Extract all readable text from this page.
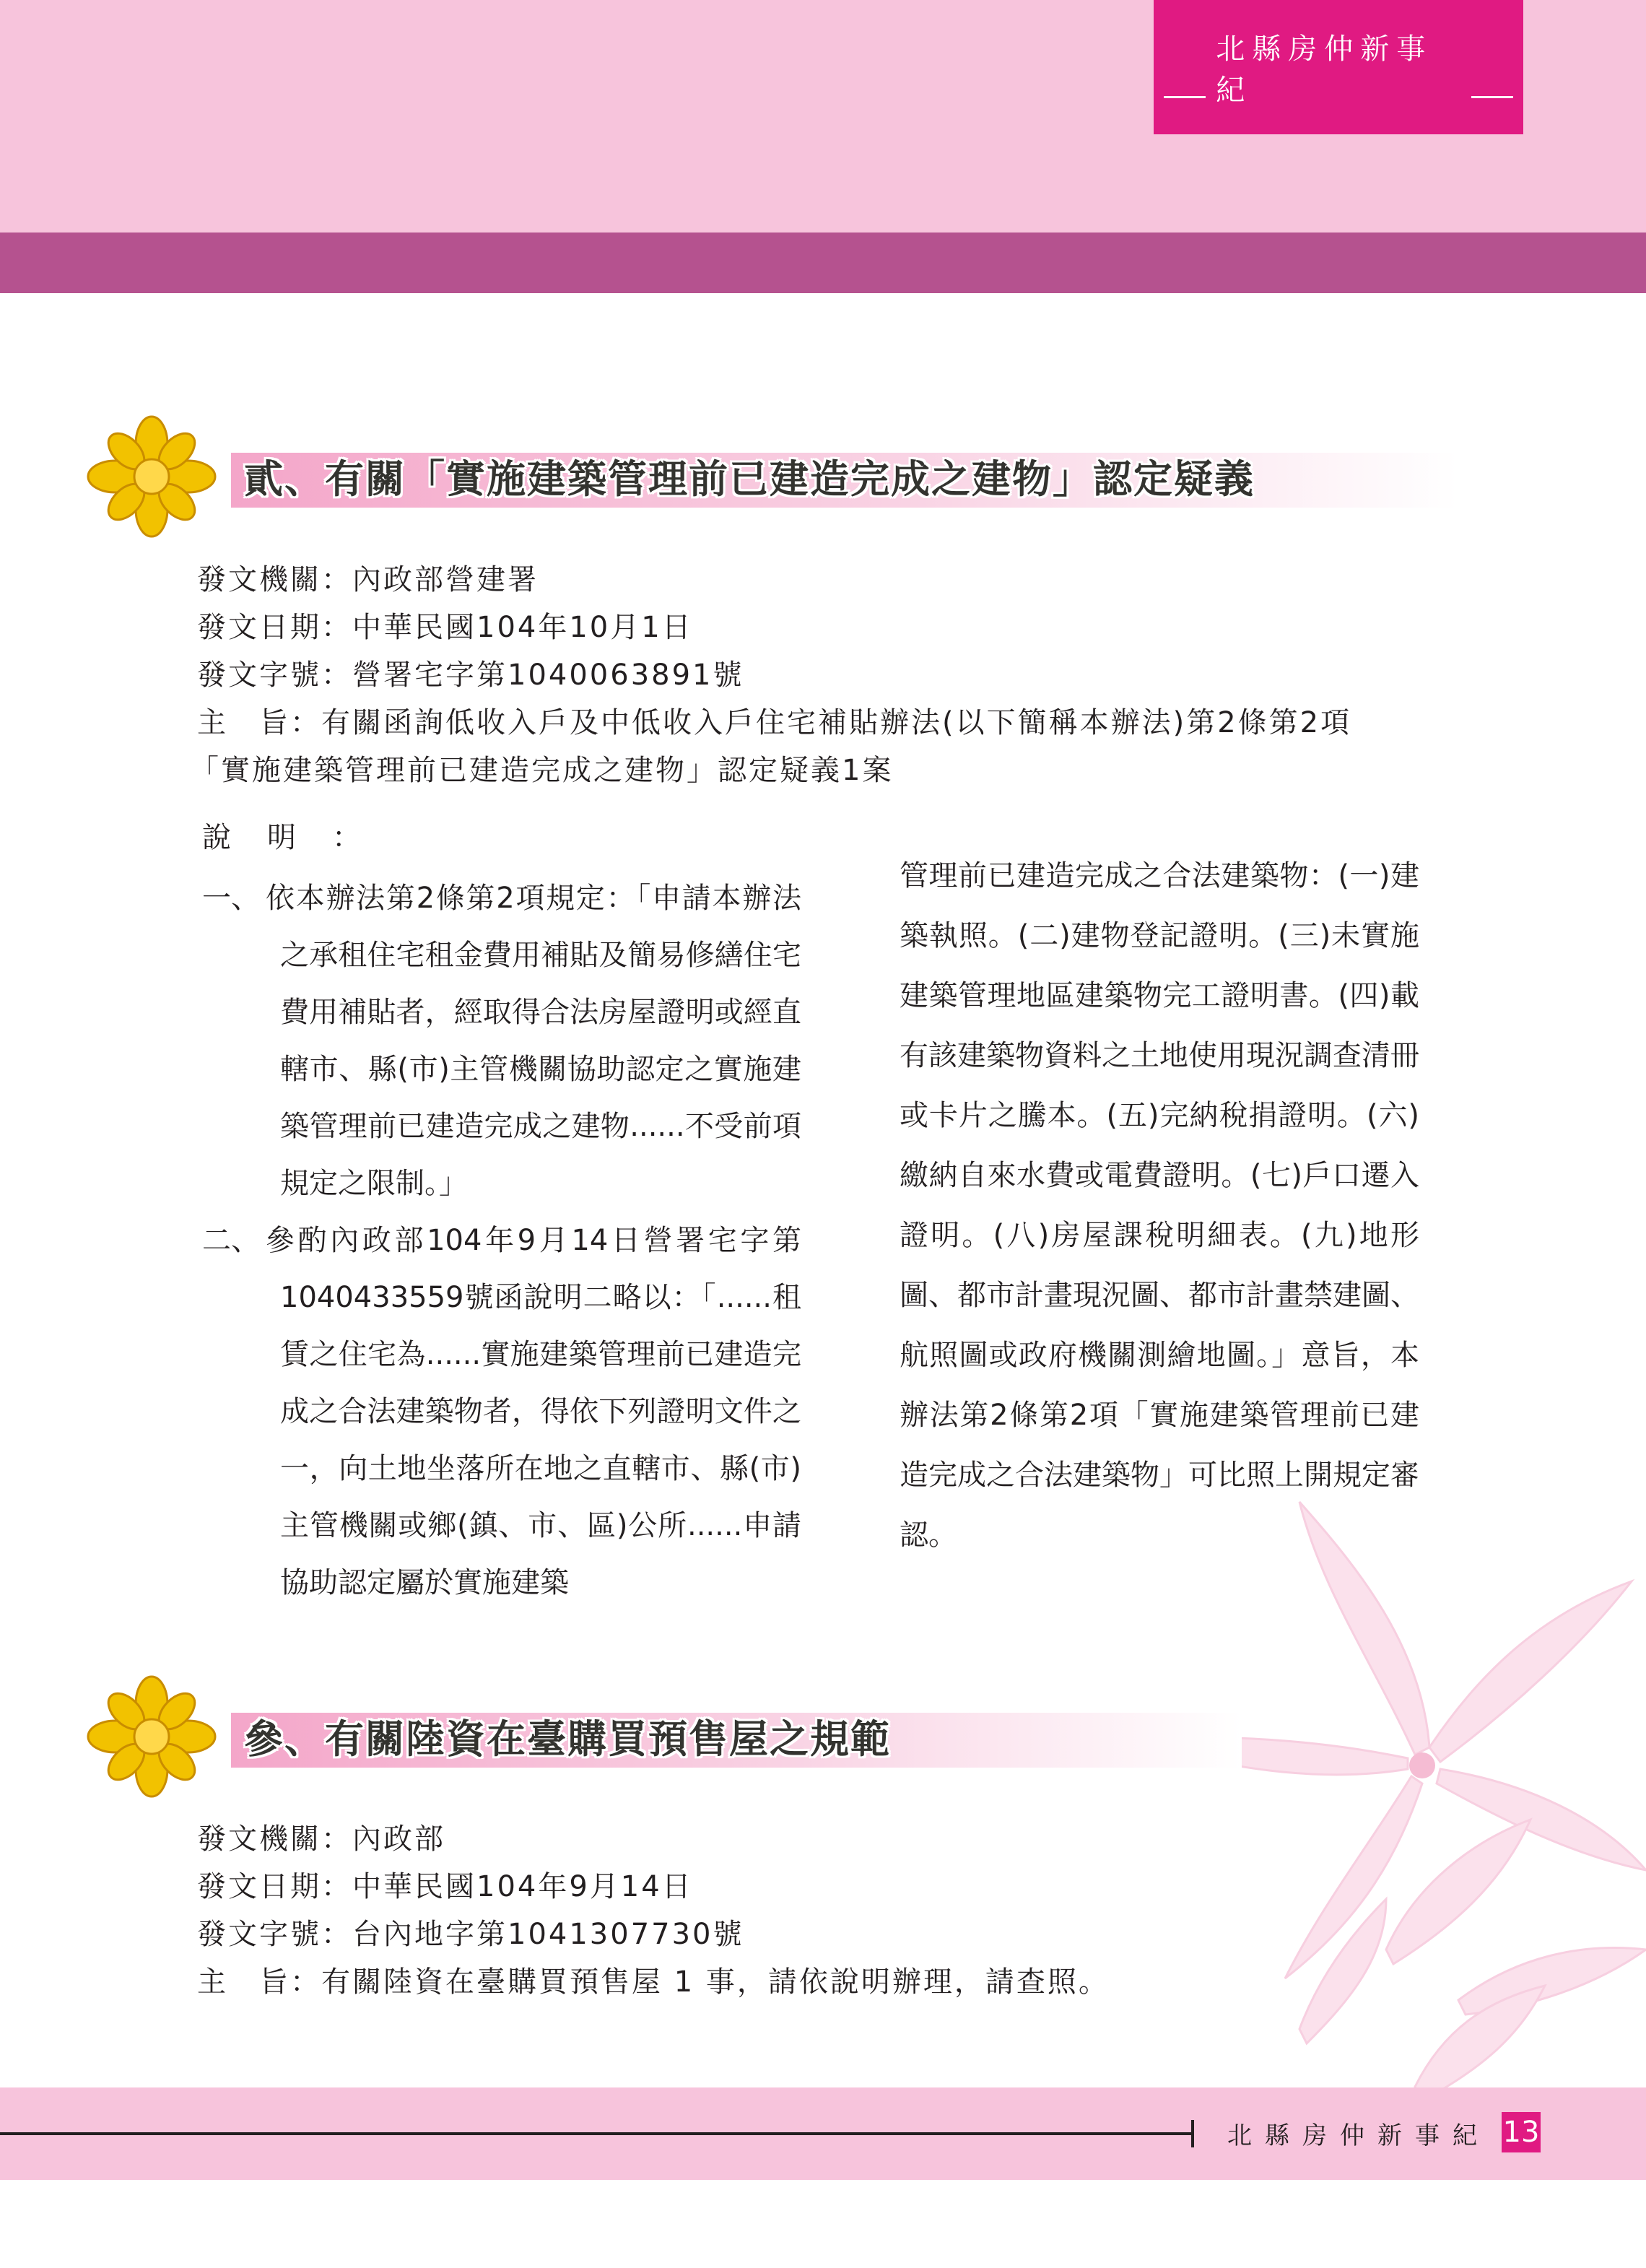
北縣房仲新事紀
貳、有關「實施建築管理前已建造完成之建物」認定疑義
發文機關：內政部營建署
發文日期：中華民國104年10月1日
發文字號：營署宅字第1040063891號
主　旨：有關函詢低收入戶及中低收入戶住宅補貼辦法(以下簡稱本辦法)第2條第2項
「實施建築管理前已建造完成之建物」認定疑義1案
說明：
一、 依本辦法第2條第2項規定：「申請本辦法之承租住宅租金費用補貼及簡易修繕住宅費用補貼者，經取得合法房屋證明或經直轄市、縣(市)主管機關協助認定之實施建築管理前已建造完成之建物......不受前項規定之限制。」

二、 參酌內政部104年9月14日營署宅字第1040433559號函說明二略以：「......租賃之住宅為......實施建築管理前已建造完成之合法建築物者，得依下列證明文件之一，向土地坐落所在地之直轄市、縣(市)主管機關或鄉(鎮、市、區)公所......申請協助認定屬於實施建築

管理前已建造完成之合法建築物：(一)建築執照。(二)建物登記證明。(三)未實施建築管理地區建築物完工證明書。(四)載有該建築物資料之土地使用現況調查清冊或卡片之騰本。(五)完納稅捐證明。(六)繳納自來水費或電費證明。(七)戶口遷入證明。(八)房屋課稅明細表。(九)地形圖、都市計畫現況圖、都市計畫禁建圖、航照圖或政府機關測繪地圖。」意旨，本辦法第2條第2項「實施建築管理前已建造完成之合法建築物」可比照上開規定審認。
參、有關陸資在臺購買預售屋之規範
發文機關：內政部
發文日期：中華民國104年9月14日
發文字號：台內地字第1041307730號
主　旨：有關陸資在臺購買預售屋 1 事，請依說明辦理，請查照。
北縣房仲新事紀 13
